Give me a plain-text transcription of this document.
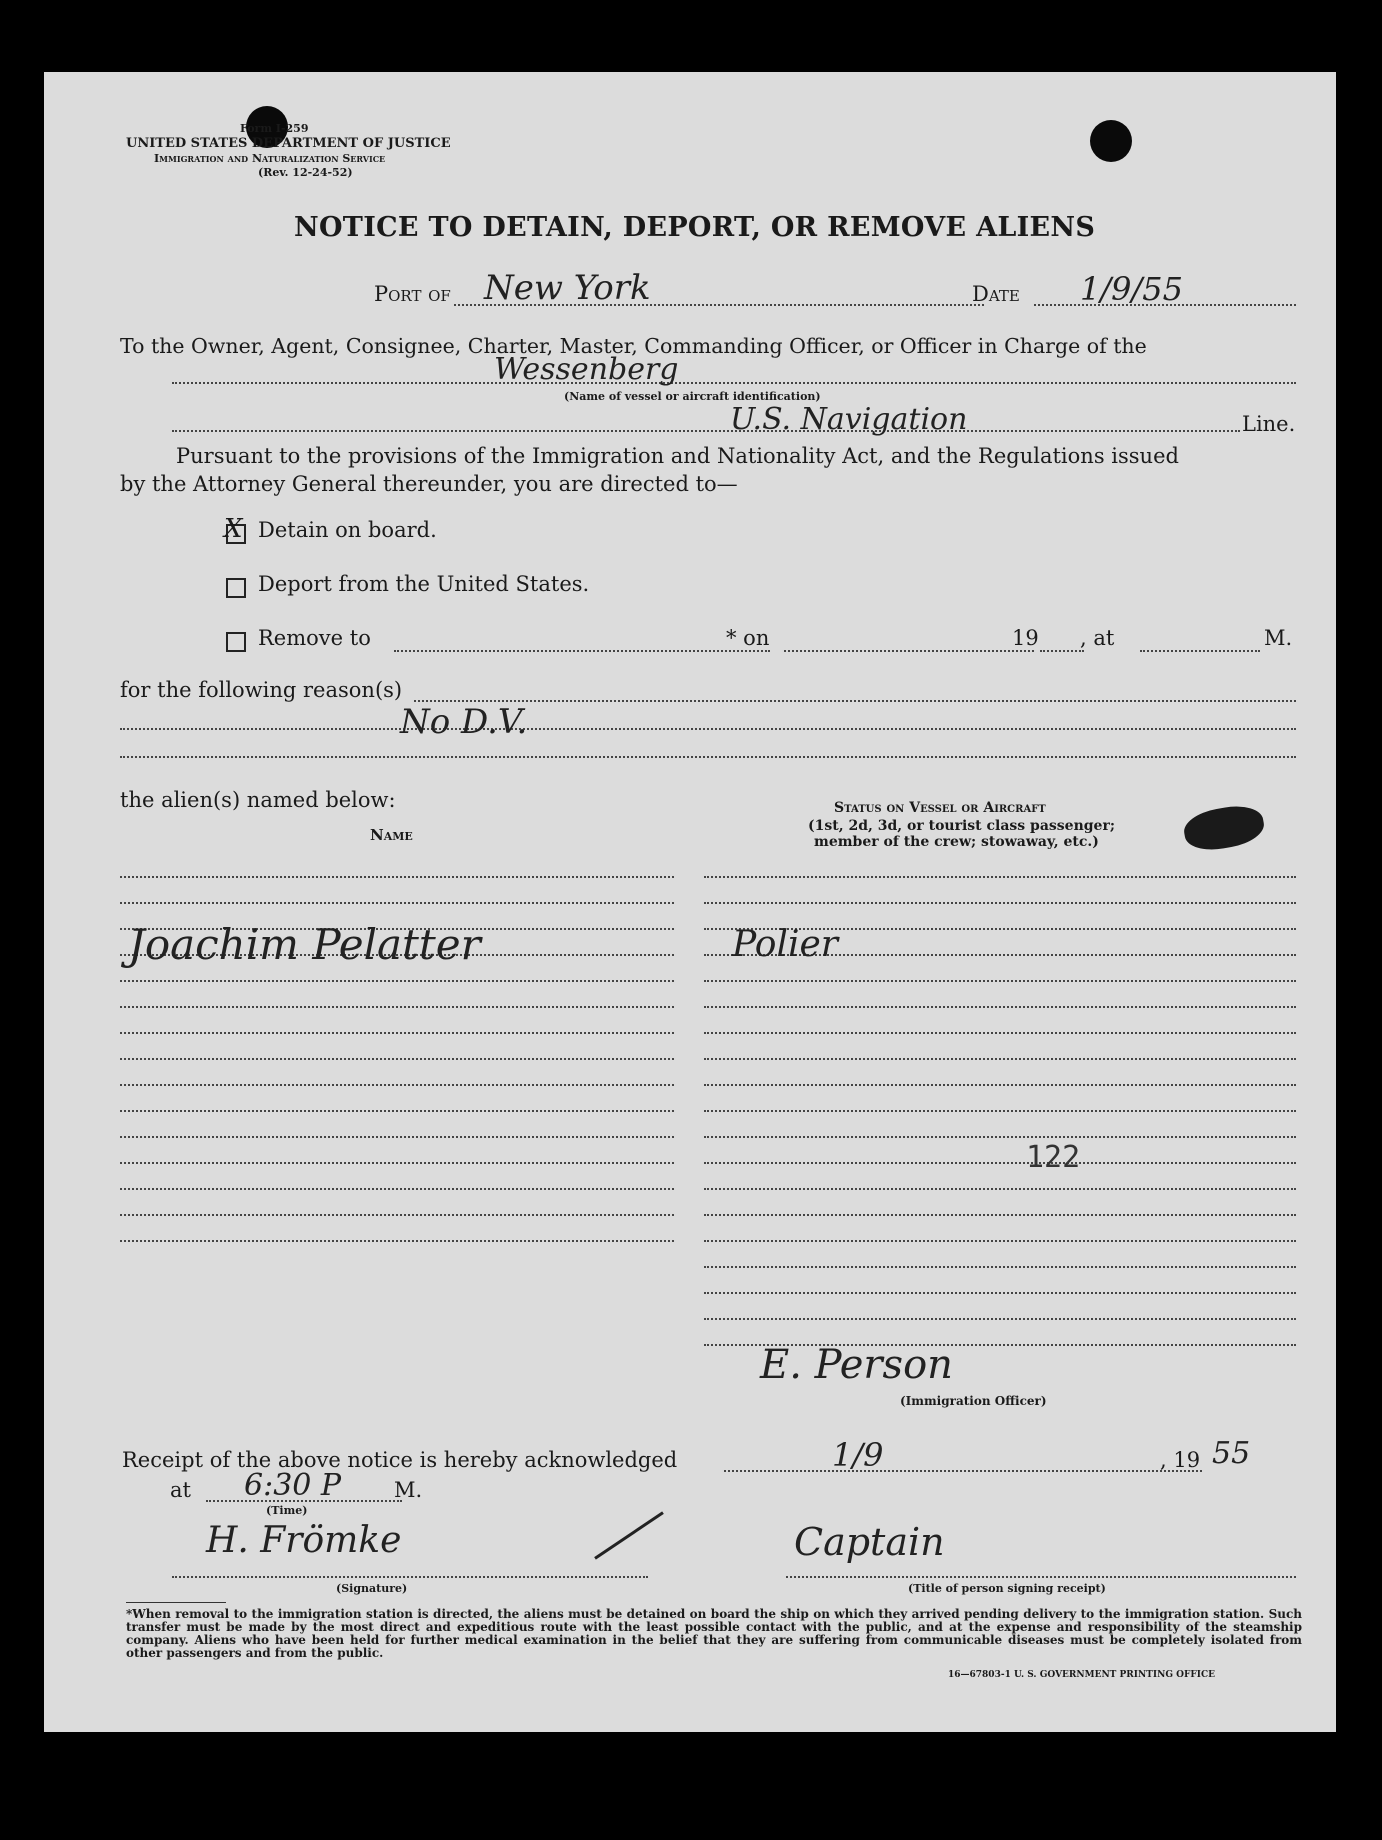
Form I-259
UNITED STATES DEPARTMENT OF JUSTICE
Immigration and Naturalization Service
(Rev. 12-24-52)
NOTICE TO DETAIN, DEPORT, OR REMOVE ALIENS
Port of New York	Date 1/9/55
To the Owner, Agent, Consignee, Charter, Master, Commanding Officer, or Officer in Charge of the
Wessenberg
(Name of vessel or aircraft identification)
U.S. Navigation	Line.
Pursuant to the provisions of the Immigration and Nationality Act, and the Regulations issued
by the Attorney General thereunder, you are directed to—
X Detain on board.
Deport from the United States.
Remove to	* on	19 , at	M.
for the following reason(s)
No D.V.
the alien(s) named below:
Name
Status on Vessel or Aircraft
(1st, 2d, 3d, or tourist class passenger;
member of the crew; stowaway, etc.)
Joachim Pelatter	Polier
122
E. Person
(Immigration Officer)
Receipt of the above notice is hereby acknowledged	1/9	, 19 55
at 6:30 P	M.
(Time)
H. Frömke
(Signature)
Captain
(Title of person signing receipt)
*When removal to the immigration station is directed, the aliens must be detained on board the ship on which they arrived pending delivery to the immigration station. Such transfer must be made by the most direct and expeditious route with the least possible contact with the public, and at the expense and responsibility of the steamship company. Aliens who have been held for further medical examination in the belief that they are suffering from communicable diseases must be completely isolated from other passengers and from the public.
16—67803-1 U. S. GOVERNMENT PRINTING OFFICE
